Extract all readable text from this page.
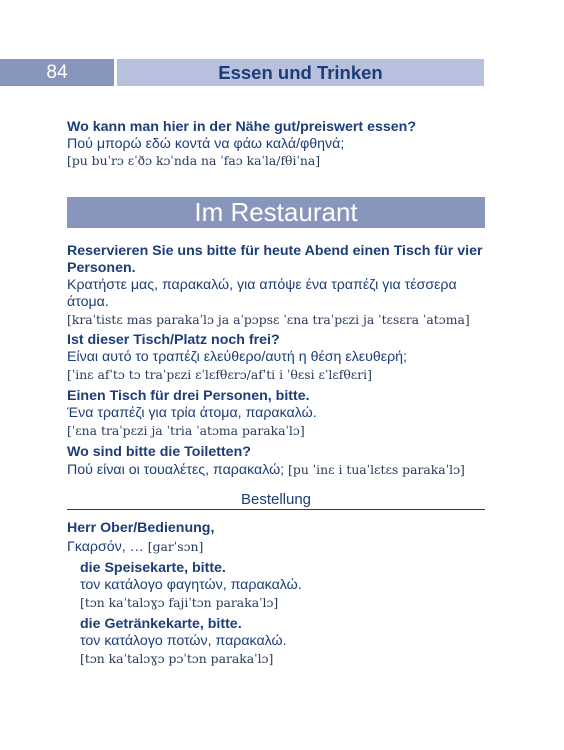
84	Essen und Trinken
Wo kann man hier in der Nähe gut/preiswert essen?
Πού μπορώ εδώ κοντά να φάω καλά/φθηνά;
[pu buˈrɔ ɛˈðɔ kɔˈnda na ˈfaɔ kaˈla/fθiˈna]
Im Restaurant
Reservieren Sie uns bitte für heute Abend einen Tisch für vier
Personen.
Κρατήστε μας, παρακαλώ, για απόψε ένα τραπέζι για τέσσερα
άτομα.
[kraˈtistɛ mas parakaˈlɔ ja aˈpɔpsɛ ˈɛna traˈpɛzi ja ˈtɛsɛra ˈatɔma]
Ist dieser Tisch/Platz noch frei?
Είναι αυτό το τραπέζι ελεύθερο/αυτή η θέση ελευθερή;
[ˈinɛ afˈtɔ tɔ traˈpɛzi ɛˈlɛfθɛrɔ/afˈti i ˈθɛsi ɛˈlɛfθɛri]
Einen Tisch für drei Personen, bitte.
Ένα τραπέζι για τρία άτομα, παρακαλώ.
[ˈɛna traˈpɛzi ja ˈtria ˈatɔma parakaˈlɔ]
Wo sind bitte die Toiletten?
Πού είναι οι τουαλέτες, παρακαλώ; [pu ˈinɛ i tuaˈlɛtɛs parakaˈlɔ]
Bestellung
Herr Ober/Bedienung,
Γκαρσόν, … [garˈsɔn]
die Speisekarte, bitte.
τον κατάλογο φαγητών, παρακαλώ.
[tɔn kaˈtalɔɣɔ fajiˈtɔn parakaˈlɔ]
die Getränkekarte, bitte.
τον κατάλογο ποτών, παρακαλώ.
[tɔn kaˈtalɔɣɔ pɔˈtɔn parakaˈlɔ]
